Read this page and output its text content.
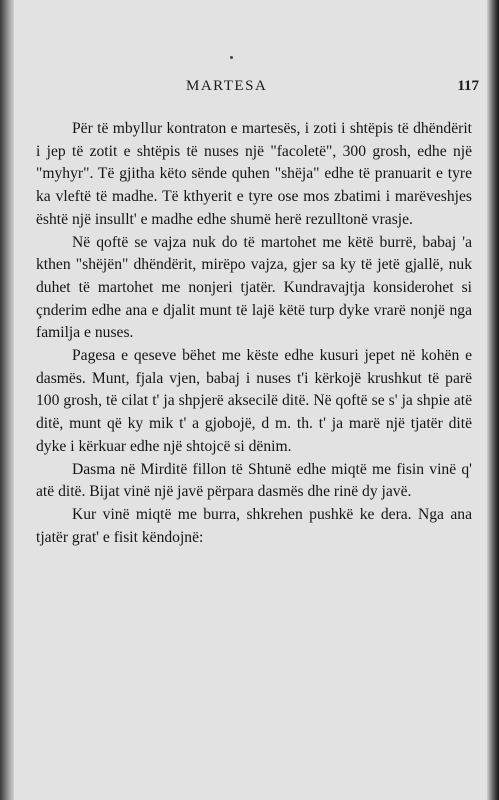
MARTESA	117

Për të mbyllur kontraton e martesës, i zoti i shtëpis të dhëndërit i jep të zotit e shtëpis të nuses një "facoletë", 300 grosh, edhe një "myhyr". Të gjitha këto sënde quhen "shëja" edhe të pranuarit e tyre ka vleftë të madhe. Të kthyerit e tyre ose mos zbatimi i marëveshjes është një insullt' e madhe edhe shumë herë rezulltonë vrasje.

Në qoftë se vajza nuk do të martohet me këtë burrë, babaj 'a kthen "shëjën" dhëndërit, mirëpo vajza, gjer sa ky të jetë gjallë, nuk duhet të martohet me nonjeri tjatër. Kundravajtja konsiderohet si çnderim edhe ana e djalit munt të lajë këtë turp dyke vrarë nonjë nga familja e nuses.

Pagesa e qeseve bëhet me këste edhe kusuri jepet në kohën e dasmës. Munt, fjala vjen, babaj i nuses t'i kërkojë krushkut të parë 100 grosh, të cilat t' ja shpjerë aksecilë ditë. Në qoftë se s' ja shpie atë ditë, munt që ky mik t' a gjobojë, d m. th. t' ja marë një tjatër ditë dyke i kërkuar edhe një shtojcë si dënim.

Dasma në Mirditë fillon të Shtunë edhe miqtë me fisin vinë q' atë ditë. Bijat vinë një javë përpara dasmës dhe rinë dy javë.

Kur vinë miqtë me burra, shkrehen pushkë ke dera. Nga ana tjatër grat' e fisit këndojnë:
